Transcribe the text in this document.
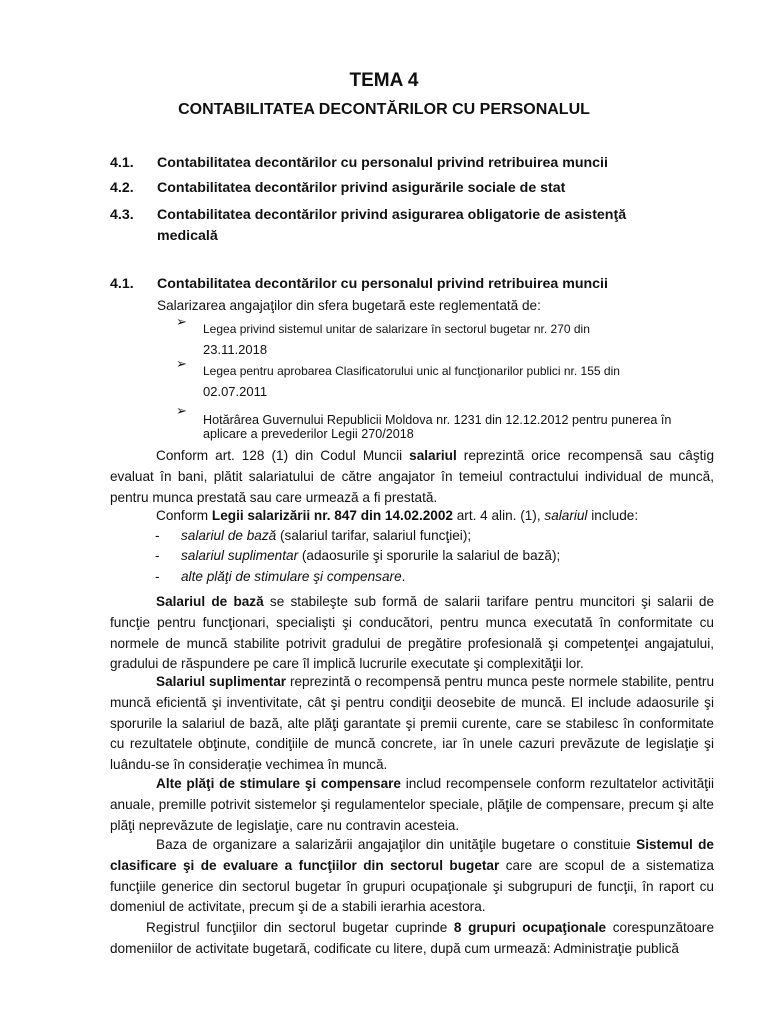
TEMA 4
CONTABILITATEA DECONTĂRILOR CU PERSONALUL
4.1. Contabilitatea decontărilor cu personalul privind retribuirea muncii
4.2. Contabilitatea decontărilor privind asigurările sociale de stat
4.3. Contabilitatea decontărilor privind asigurarea obligatorie de asistenţă
medicală
4.1. Contabilitatea decontărilor cu personalul privind retribuirea muncii
Salarizarea angajaţilor din sfera bugetară este reglementată de:
➢ Legea privind sistemul unitar de salarizare în sectorul bugetar nr. 270 din
23.11.2018
➢ Legea pentru aprobarea Clasificatorului unic al funcţionarilor publici nr. 155 din
02.07.2011
➢
Hotărârea Guvernului Republicii Moldova nr. 1231 din 12.12.2012 pentru punerea în
aplicare a prevederilor Legii 270/2018
Conform art. 128 (1) din Codul Muncii salariul reprezintă orice recompensă sau câştig evaluat în bani, plătit salariatului de către angajator în temeiul contractului individual de muncă, pentru munca prestată sau care urmează a fi prestată.
Conform Legii salarizării nr. 847 din 14.02.2002 art. 4 alin. (1), salariul include:
- salariul de bază (salariul tarifar, salariul funcţiei);
- salariul suplimentar (adaosurile şi sporurile la salariul de bază);
- alte plăţi de stimulare şi compensare.
Salariul de bază se stabileşte sub formă de salarii tarifare pentru muncitori şi salarii de funcţie pentru funcţionari, specialişti şi conducători, pentru munca executată în conformitate cu normele de muncă stabilite potrivit gradului de pregătire profesională şi competenţei angajatului, gradului de răspundere pe care îl implică lucrurile executate şi complexităţii lor.
Salariul suplimentar reprezintă o recompensă pentru munca peste normele stabilite, pentru muncă eficientă şi inventivitate, cât şi pentru condiţii deosebite de muncă. El include adaosurile şi sporurile la salariul de bază, alte plăţi garantate şi premii curente, care se stabilesc în conformitate cu rezultatele obţinute, condiţiile de muncă concrete, iar în unele cazuri prevăzute de legislaţie şi luându-se în considerație vechimea în muncă.
Alte plăţi de stimulare şi compensare includ recompensele conform rezultatelor activităţii anuale, premille potrivit sistemelor şi regulamentelor speciale, plăţile de compensare, precum şi alte plăţi neprevăzute de legislaţie, care nu contravin acesteia.
Baza de organizare a salarizării angajaţilor din unităţile bugetare o constituie Sistemul de clasificare şi de evaluare a funcţiilor din sectorul bugetar care are scopul de a sistematiza funcţiile generice din sectorul bugetar în grupuri ocupaţionale şi subgrupuri de funcţii, în raport cu domeniul de activitate, precum şi de a stabili ierarhia acestora.
Registrul funcţiilor din sectorul bugetar cuprinde 8 grupuri ocupaţionale corespunzătoare domeniilor de activitate bugetară, codificate cu litere, după cum urmează: Administraţie publică
